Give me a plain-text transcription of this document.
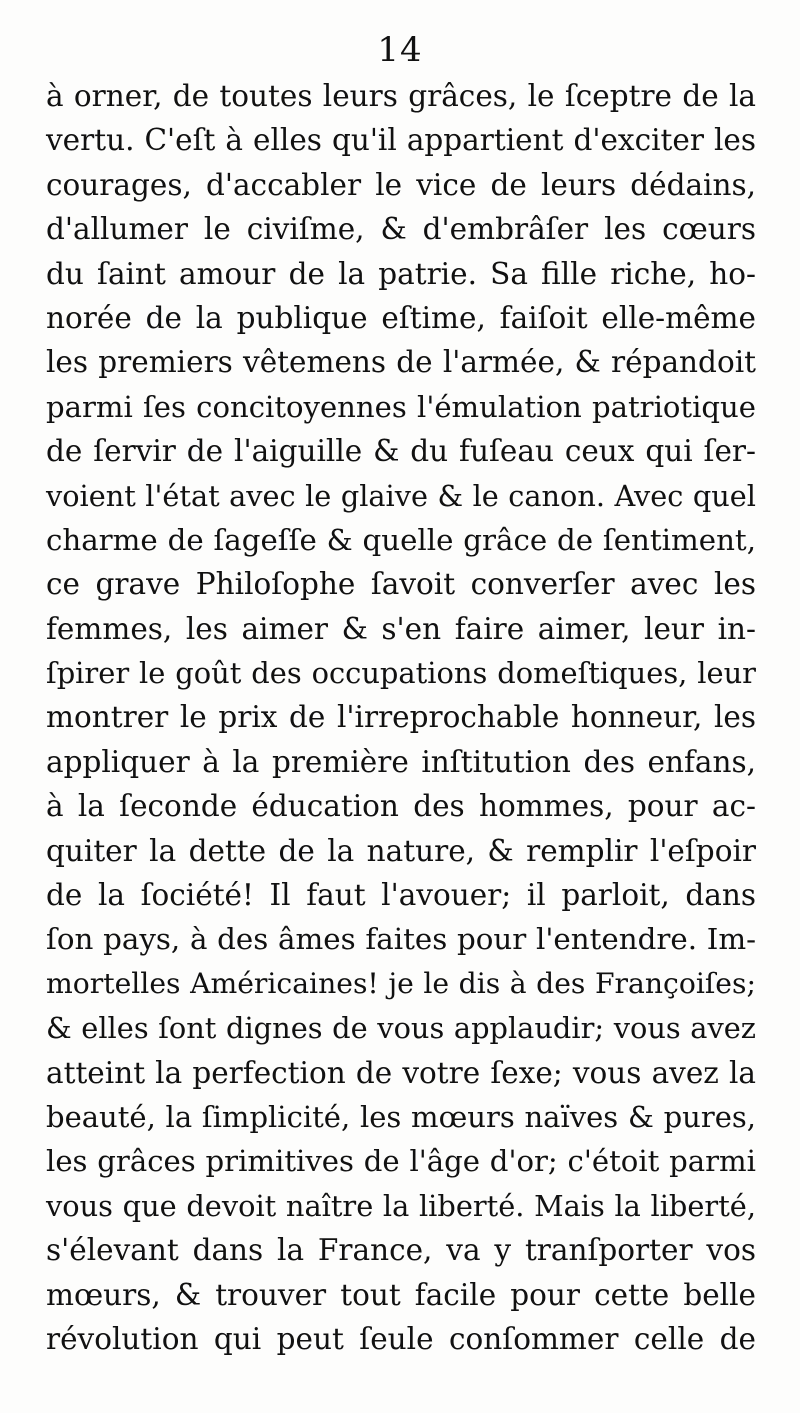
14
à orner, de toutes leurs grâces, le ſceptre de la
vertu. C'eſt à elles qu'il appartient d'exciter les
courages, d'accabler le vice de leurs dédains,
d'allumer le civiſme, & d'embrâſer les cœurs
du ſaint amour de la patrie. Sa fille riche, ho-
norée de la publique eſtime, faiſoit elle-même
les premiers vêtemens de l'armée, & répandoit
parmi ſes concitoyennes l'émulation patriotique
de ſervir de l'aiguille & du fuſeau ceux qui ſer-
voient l'état avec le glaive & le canon. Avec quel
charme de ſageſſe & quelle grâce de ſentiment,
ce grave Philoſophe ſavoit converſer avec les
femmes, les aimer & s'en faire aimer, leur in-
ſpirer le goût des occupations domeſtiques, leur
montrer le prix de l'irreprochable honneur, les
appliquer à la première inſtitution des enfans,
à la ſeconde éducation des hommes, pour ac-
quiter la dette de la nature, & remplir l'eſpoir
de la ſociété! Il faut l'avouer; il parloit, dans
ſon pays, à des âmes faites pour l'entendre. Im-
mortelles Américaines! je le dis à des Françoiſes;
& elles ſont dignes de vous applaudir; vous avez
atteint la perfection de votre ſexe; vous avez la
beauté, la ſimplicité, les mœurs naïves & pures,
les grâces primitives de l'âge d'or; c'étoit parmi
vous que devoit naître la liberté. Mais la liberté,
s'élevant dans la France, va y tranſporter vos
mœurs, & trouver tout facile pour cette belle
révolution qui peut ſeule conſommer celle de
